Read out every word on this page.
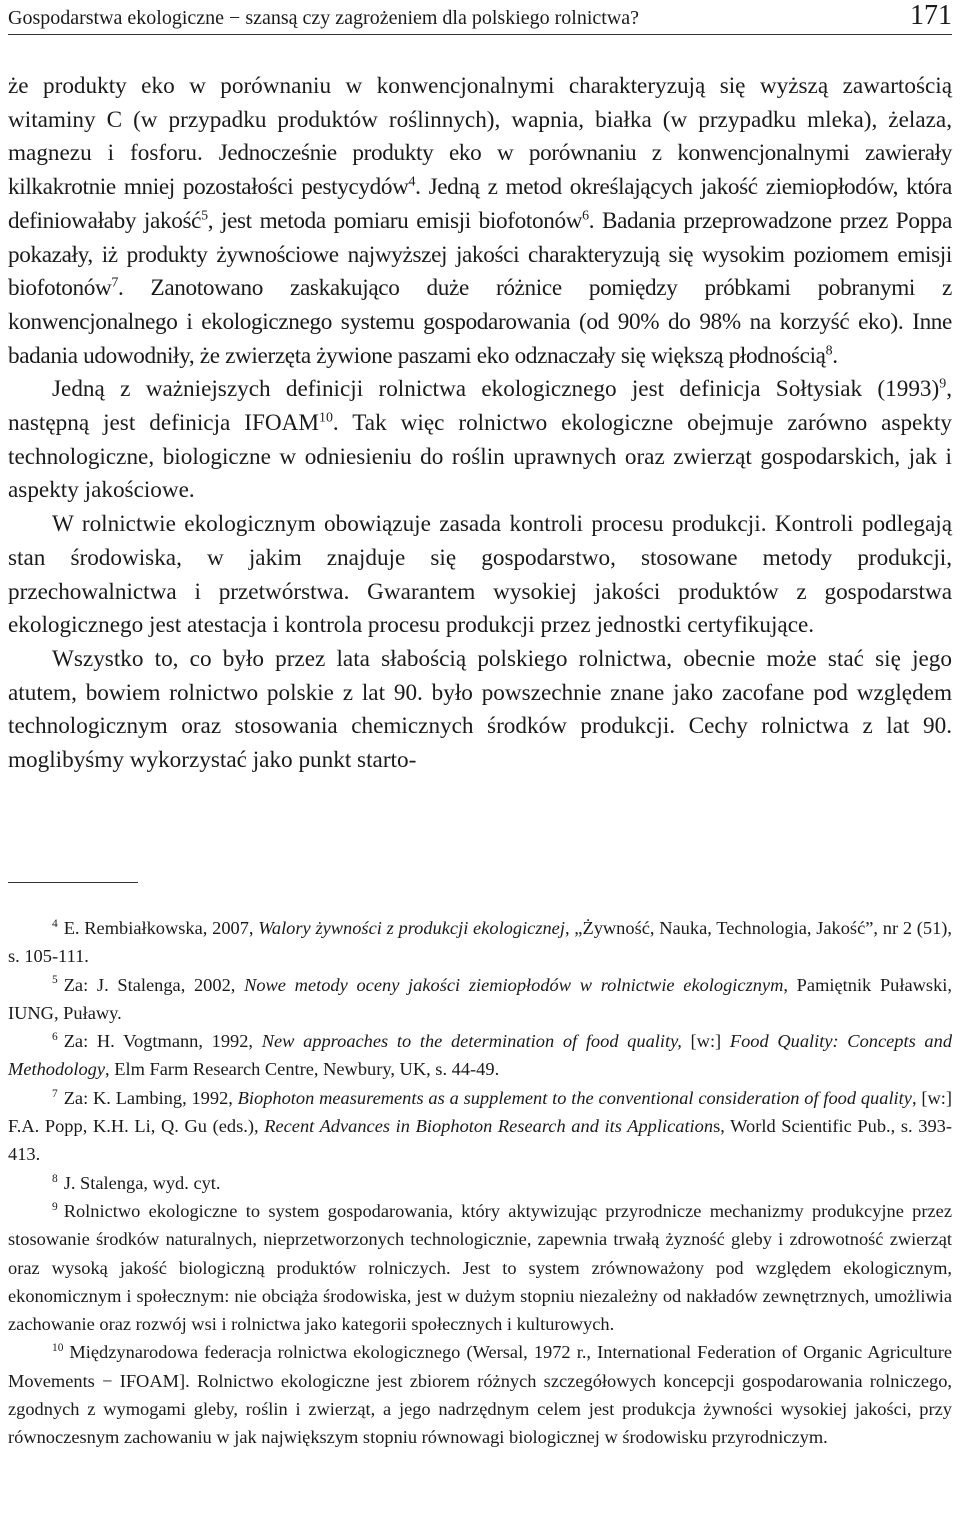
Gospodarstwa ekologiczne − szansą czy zagrożeniem dla polskiego rolnictwa?	171

że produkty eko w porównaniu w konwencjonalnymi charakteryzują się wyższą zawartością witaminy C (w przypadku produktów roślinnych), wapnia, białka (w przypadku mleka), żelaza, magnezu i fosforu. Jednocześnie produkty eko w porównaniu z konwencjonalnymi zawierały kilkakrotnie mniej pozostałości pestycydów$^4$. Jedną z metod określających jakość ziemiopłodów, która definiowałaby jakość$^5$, jest metoda pomiaru emisji biofotonów$^6$. Badania przeprowadzone przez Poppa pokazały, iż produkty żywnościowe najwyższej jakości charakteryzują się wysokim poziomem emisji biofotonów$^7$. Zanotowano zaskakująco duże różnice pomiędzy próbkami pobranymi z konwencjonalnego i ekologicznego systemu gospodarowania (od 90% do 98% na korzyść eko). Inne badania udowodniły, że zwierzęta żywione paszami eko odznaczały się większą płodnością$^8$.

Jedną z ważniejszych definicji rolnictwa ekologicznego jest definicja Sołtysiak $(1993)^9$, następną jest definicja IFOAM$^{10}$. Tak więc rolnictwo ekologiczne obejmuje zarówno aspekty technologiczne, biologiczne w odniesieniu do roślin uprawnych oraz zwierząt gospodarskich, jak i aspekty jakościowe.

W rolnictwie ekologicznym obowiązuje zasada kontroli procesu produkcji. Kontroli podlegają stan środowiska, w jakim znajduje się gospodarstwo, stosowane metody produkcji, przechowalnictwa i przetwórstwa. Gwarantem wysokiej jakości produktów z gospodarstwa ekologicznego jest atestacja i kontrola procesu produkcji przez jednostki certyfikujące.

Wszystko to, co było przez lata słabością polskiego rolnictwa, obecnie może stać się jego atutem, bowiem rolnictwo polskie z lat 90. było powszechnie znane jako zacofane pod względem technologicznym oraz stosowania chemicznych środków produkcji. Cechy rolnictwa z lat 90. moglibyśmy wykorzystać jako punkt starto-

$^4$ E. Rembiałkowska, 2007, Walory żywności z produkcji ekologicznej, „Żywność, Nauka, Technologia, Jakość”, nr 2 (51), s. 105-111.

$^5$ Za: J. Stalenga, 2002, Nowe metody oceny jakości ziemiopłodów w rolnictwie ekologicznym, Pamiętnik Puławski, IUNG, Puławy.

$^6$ Za: H. Vogtmann, 1992, New approaches to the determination of food quality, [w:] Food Quality: Concepts and Methodology, Elm Farm Research Centre, Newbury, UK, s. 44-49.

$^7$ Za: K. Lambing, 1992, Biophoton measurements as a supplement to the conventional consideration of food quality, [w:] F.A. Popp, K.H. Li, Q. Gu (eds.), Recent Advances in Biophoton Research and its Applications, World Scientific Pub., s. 393-413.

$^8$ J. Stalenga, wyd. cyt.

$^9$ Rolnictwo ekologiczne to system gospodarowania, który aktywizując przyrodnicze mechanizmy produkcyjne przez stosowanie środków naturalnych, nieprzetworzonych technologicznie, zapewnia trwałą żyzność gleby i zdrowotność zwierząt oraz wysoką jakość biologiczną produktów rolniczych. Jest to system zrównoważony pod względem ekologicznym, ekonomicznym i społecznym: nie obciąża środowiska, jest w dużym stopniu niezależny od nakładów zewnętrznych, umożliwia zachowanie oraz rozwój wsi i rolnictwa jako kategorii społecznych i kulturowych.

$^{10}$ Międzynarodowa federacja rolnictwa ekologicznego (Wersal, 1972 r., International Federation of Organic Agriculture Movements − IFOAM]. Rolnictwo ekologiczne jest zbiorem różnych szczegółowych koncepcji gospodarowania rolniczego, zgodnych z wymogami gleby, roślin i zwierząt, a jego nadrzędnym celem jest produkcja żywności wysokiej jakości, przy równoczesnym zachowaniu w jak największym stopniu równowagi biologicznej w środowisku przyrodniczym.
